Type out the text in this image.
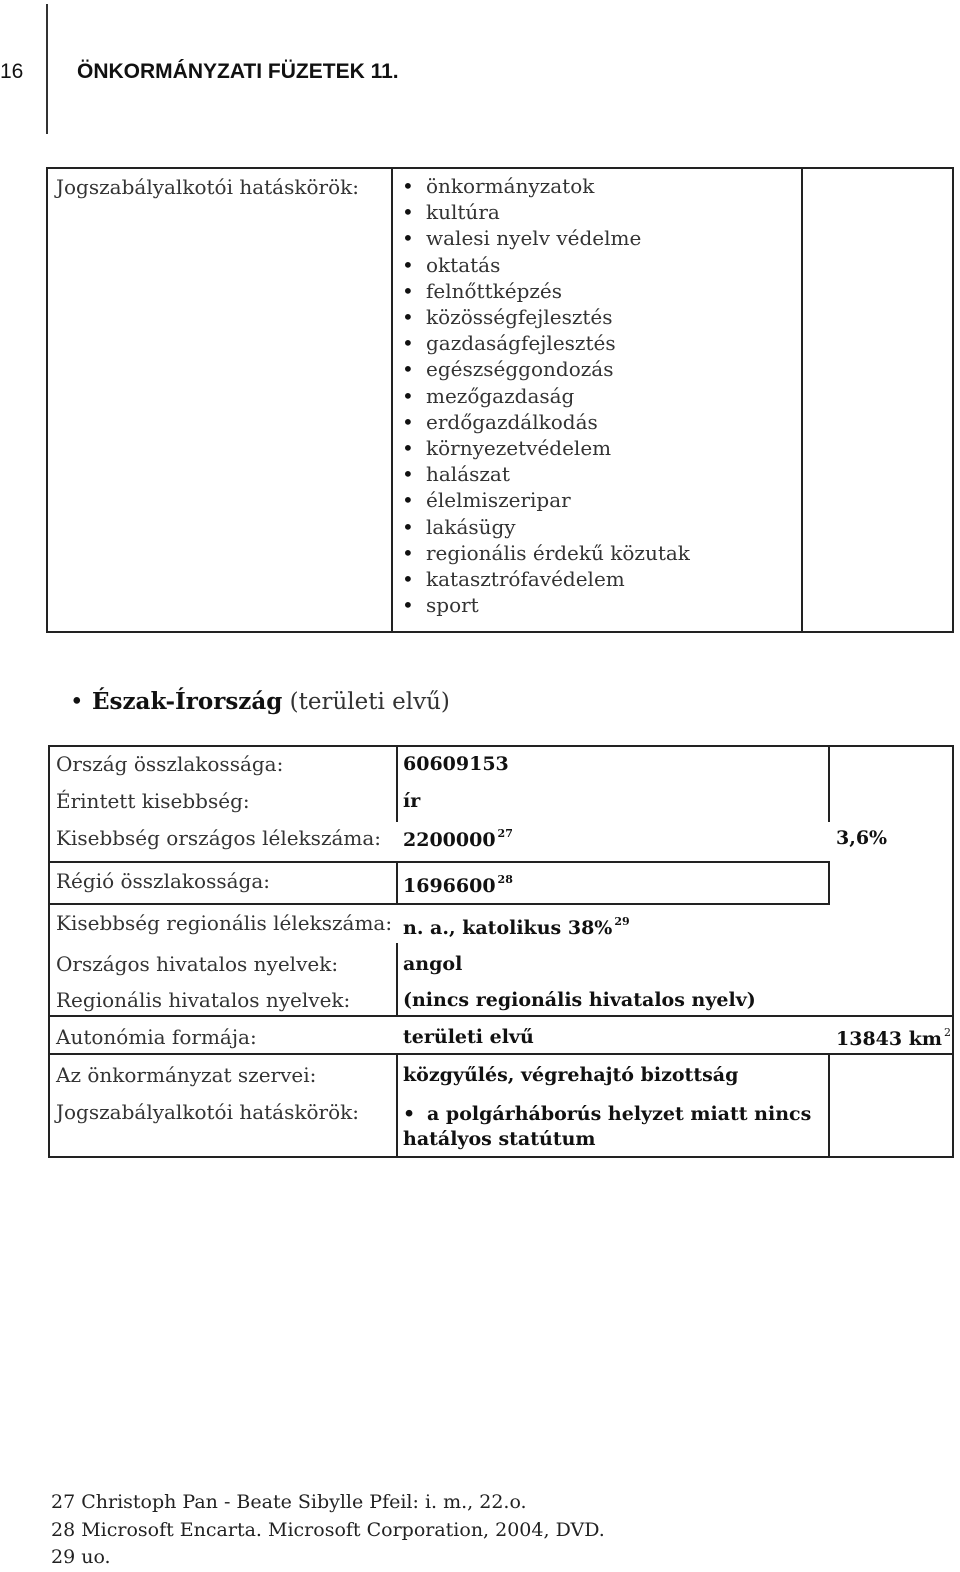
16	ÖNKORMÁNYZATI FÜZETEK 11.
Jogszabályalkotói hatáskörök: • önkormányzatok
• kultúra
• walesi nyelv védelme
• oktatás
• felnőttképzés
• közösségfejlesztés
• gazdaságfejlesztés
• egészséggondozás
• mezőgazdaság
• erdőgazdálkodás
• környezetvédelem
• halászat
• élelmiszeripar
• lakásügy
• regionális érdekű közutak
• katasztrófavédelem
• sport
• Észak-Írország (területi elvű)
Ország összlakossága:	60609153
Érintett kisebbség:	ír
Kisebbség országos lélekszáma: 2200000 $^{27}$	3,6%
Régió összlakossága:	1696600 $^{28}$
Kisebbség regionális lélekszáma: n. a., katolikus 38% $^{29}$
Országos hivatalos nyelvek:	angol
Regionális hivatalos nyelvek:	(nincs regionális hivatalos nyelv)
Autonómia formája:	területi elvű	13843 km $^2$
Az önkormányzat szervei:	közgyűlés, végrehajtó bizottság
Jogszabályalkotói hatáskörök: • a polgárháborús helyzet miatt nincs
hatályos statútum
27 Christoph Pan - Beate Sibylle Pfeil: i. m., 22.o.
28 Microsoft Encarta. Microsoft Corporation, 2004, DVD.
29 uo.
